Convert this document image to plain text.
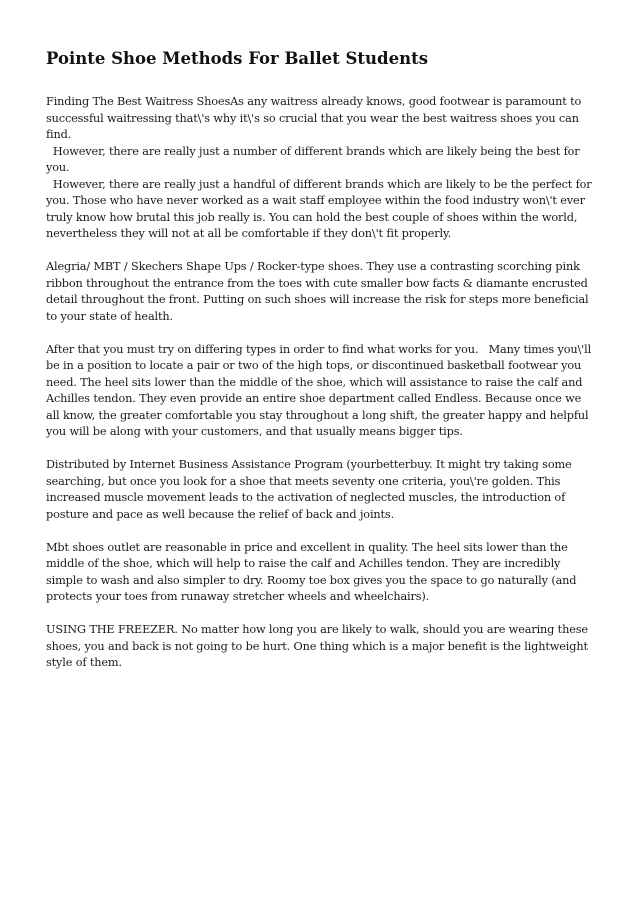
Pointe Shoe Methods For Ballet Students

Finding The Best Waitress ShoesAs any waitress already knows, good footwear is paramount to successful waitressing that\'s why it\'s so crucial that you wear the best waitress shoes you can find.
However, there are really just a number of different brands which are likely being the best for you.
However, there are really just a handful of different brands which are likely to be the perfect for you. Those who have never worked as a wait staff employee within the food industry won\'t ever truly know how brutal this job really is. You can hold the best couple of shoes within the world, nevertheless they will not at all be comfortable if they don\'t fit properly.

Alegria/ MBT / Skechers Shape Ups / Rocker-type shoes. They use a contrasting scorching pink ribbon throughout the entrance from the toes with cute smaller bow facts & diamante encrusted detail throughout the front. Putting on such shoes will increase the risk for steps more beneficial to your state of health.

After that you must try on differing types in order to find what works for you.   Many times you\'ll be in a position to locate a pair or two of the high tops, or discontinued basketball footwear you need. The heel sits lower than the middle of the shoe, which will assistance to raise the calf and Achilles tendon. They even provide an entire shoe department called Endless. Because once we all know, the greater comfortable you stay throughout a long shift, the greater happy and helpful you will be along with your customers, and that usually means bigger tips.

Distributed by Internet Business Assistance Program (yourbetterbuy. It might try taking some searching, but once you look for a shoe that meets seventy one criteria, you\'re golden. This increased muscle movement leads to the activation of neglected muscles, the introduction of posture and pace as well because the relief of back and joints.

Mbt shoes outlet are reasonable in price and excellent in quality. The heel sits lower than the middle of the shoe, which will help to raise the calf and Achilles tendon. They are incredibly simple to wash and also simpler to dry. Roomy toe box gives you the space to go naturally (and protects your toes from runaway stretcher wheels and wheelchairs).

USING THE FREEZER. No matter how long you are likely to walk, should you are wearing these shoes, you and back is not going to be hurt. One thing which is a major benefit is the lightweight style of them.
